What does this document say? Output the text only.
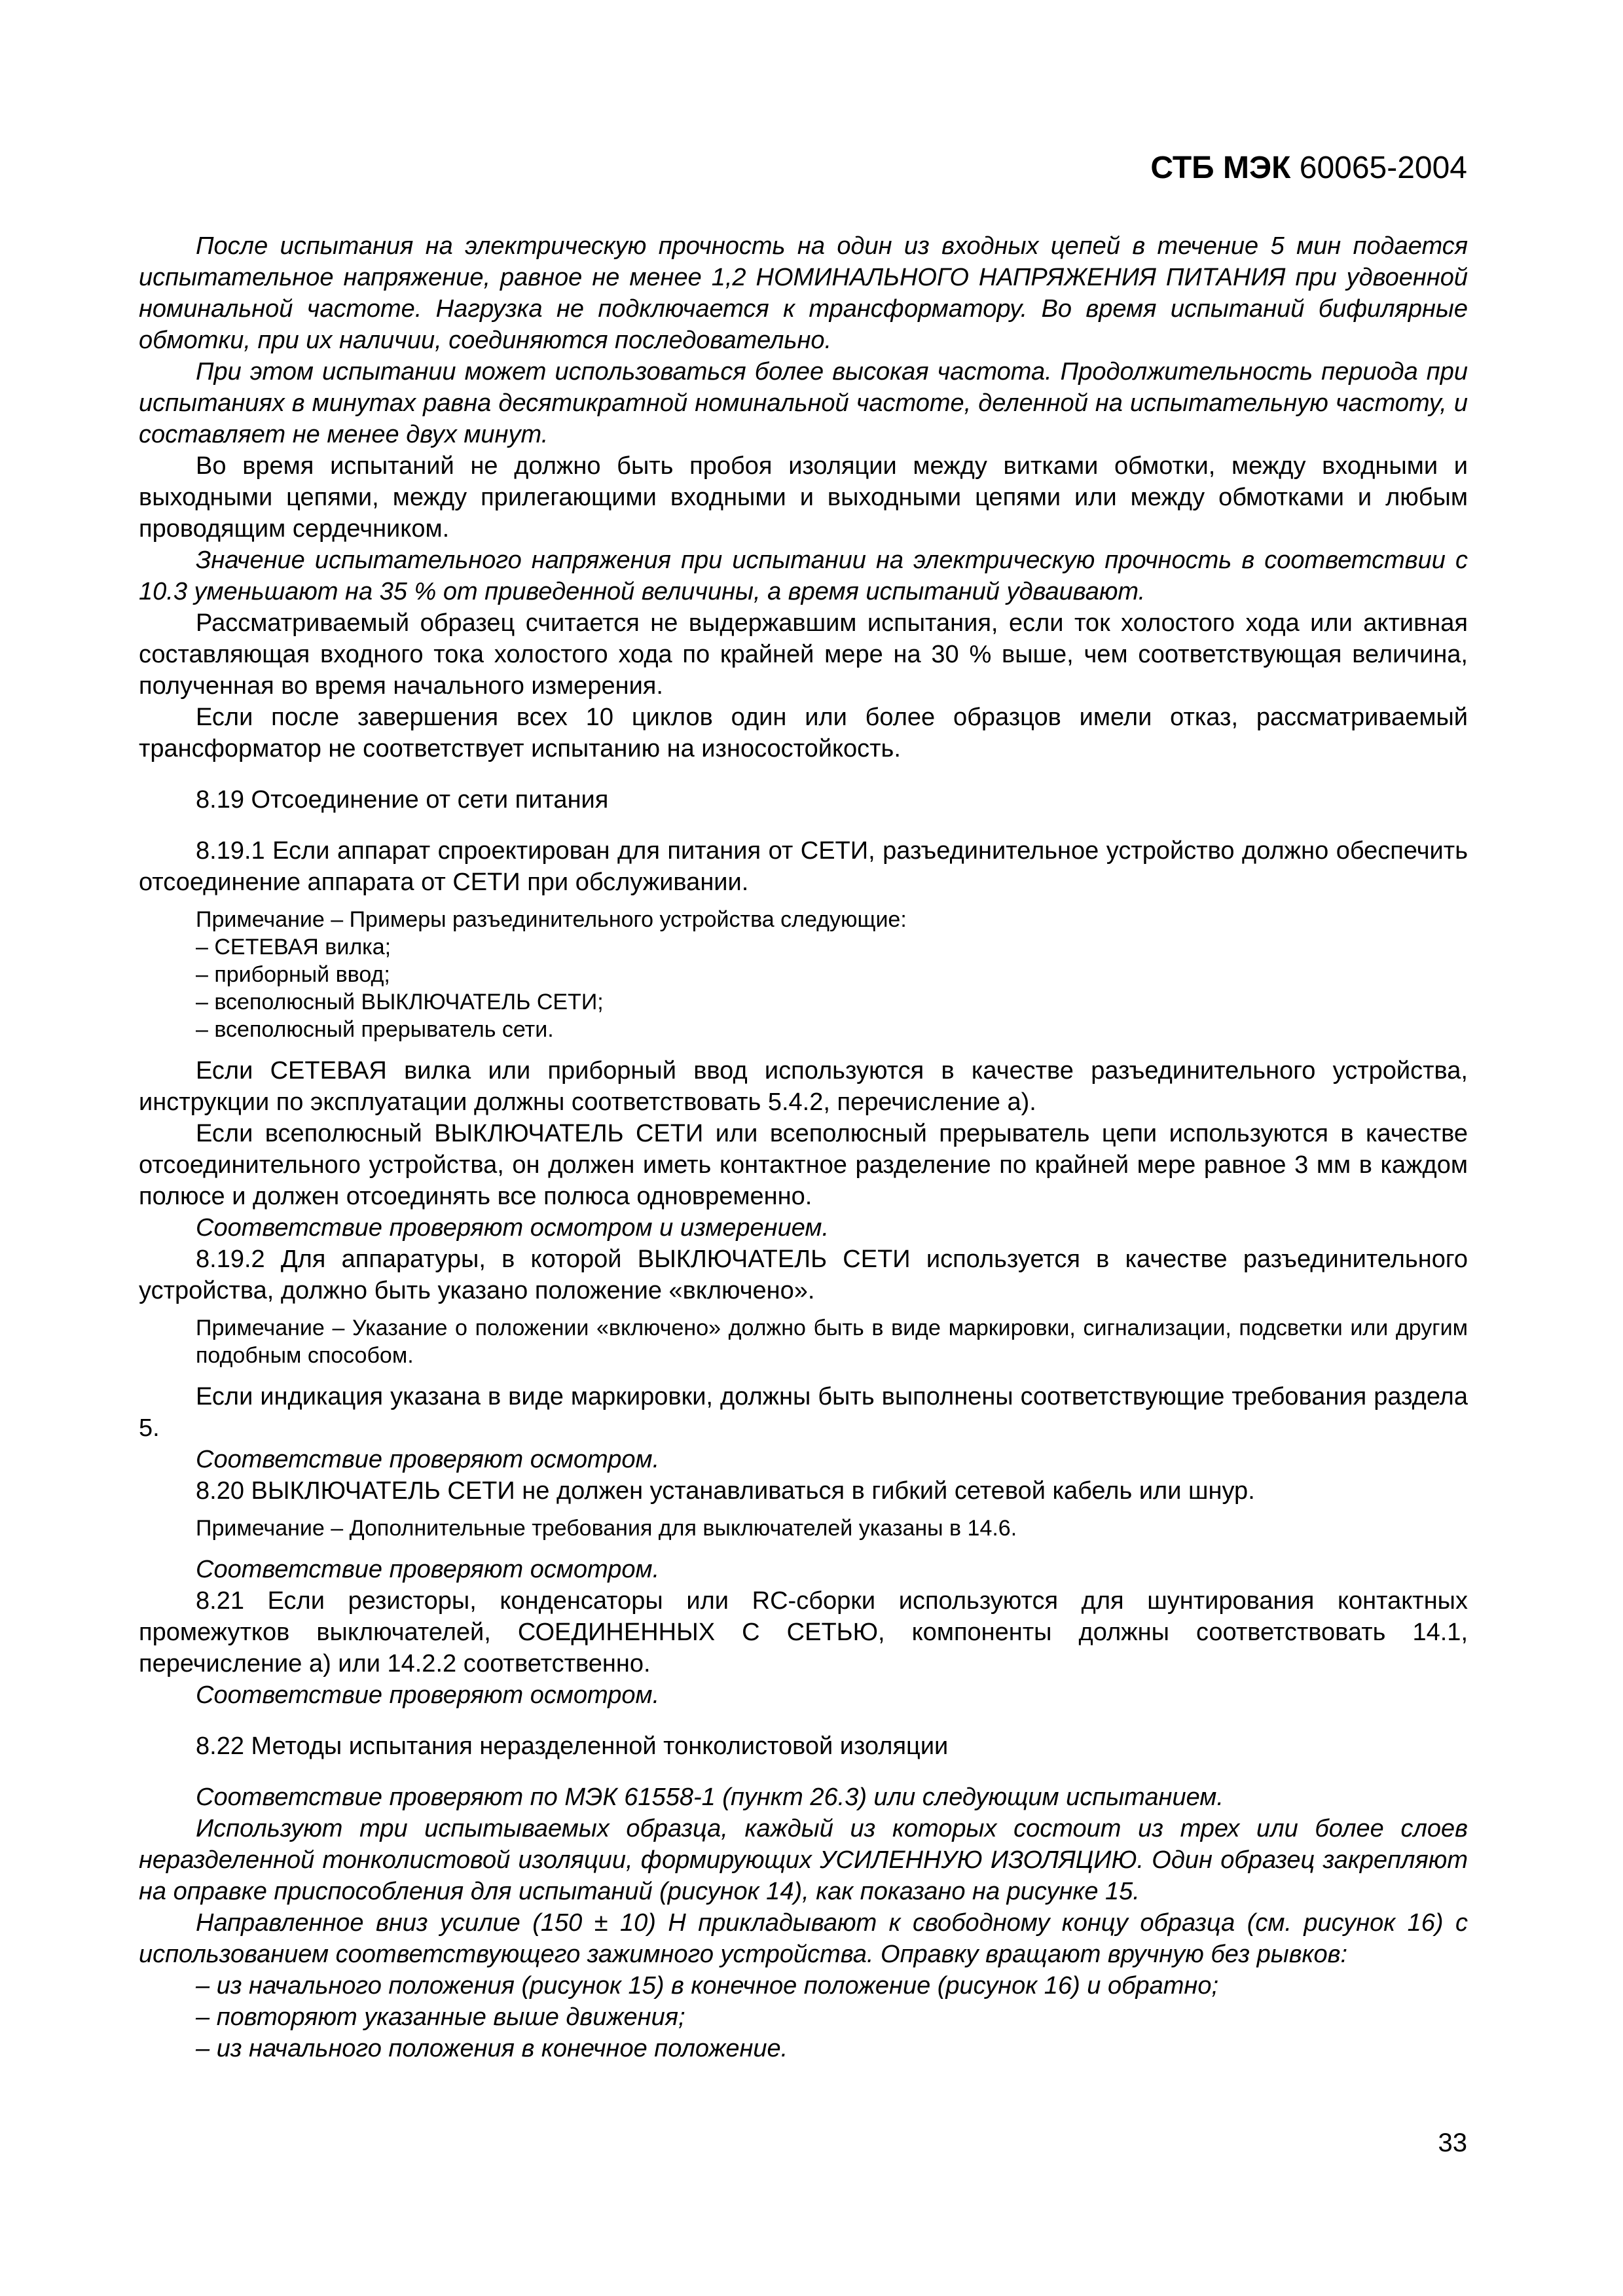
СТБ МЭК 60065-2004

После испытания на электрическую прочность на один из входных цепей в течение 5 мин подается испытательное напряжение, равное не менее 1,2 НОМИНАЛЬНОГО НАПРЯЖЕНИЯ ПИТАНИЯ при удвоенной номинальной частоте. Нагрузка не подключается к трансформатору. Во время испытаний бифилярные обмотки, при их наличии, соединяются последовательно.

При этом испытании может использоваться более высокая частота. Продолжительность периода при испытаниях в минутах равна десятикратной номинальной частоте, деленной на испытательную частоту, и составляет не менее двух минут.

Во время испытаний не должно быть пробоя изоляции между витками обмотки, между входными и выходными цепями, между прилегающими входными и выходными цепями или между обмотками и любым проводящим сердечником.

Значение испытательного напряжения при испытании на электрическую прочность в соответствии с 10.3 уменьшают на 35 % от приведенной величины, а время испытаний удваивают.

Рассматриваемый образец считается не выдержавшим испытания, если ток холостого хода или активная составляющая входного тока холостого хода по крайней мере на 30 % выше, чем соответствующая величина, полученная во время начального измерения.

Если после завершения всех 10 циклов один или более образцов имели отказ, рассматриваемый трансформатор не соответствует испытанию на износостойкость.

8.19 Отсоединение от сети питания

8.19.1 Если аппарат спроектирован для питания от СЕТИ, разъединительное устройство должно обеспечить отсоединение аппарата от СЕТИ при обслуживании.

Примечание – Примеры разъединительного устройства следующие:

– СЕТЕВАЯ вилка;

– приборный ввод;

– всеполюсный ВЫКЛЮЧАТЕЛЬ СЕТИ;

– всеполюсный прерыватель сети.

Если СЕТЕВАЯ вилка или приборный ввод используются в качестве разъединительного устройства, инструкции по эксплуатации должны соответствовать 5.4.2, перечисление а).

Если всеполюсный ВЫКЛЮЧАТЕЛЬ СЕТИ или всеполюсный прерыватель цепи используются в качестве отсоединительного устройства, он должен иметь контактное разделение по крайней мере равное 3 мм в каждом полюсе и должен отсоединять все полюса одновременно.

Соответствие проверяют осмотром и измерением.

8.19.2 Для аппаратуры, в которой ВЫКЛЮЧАТЕЛЬ СЕТИ используется в качестве разъединительного устройства, должно быть указано положение «включено».

Примечание – Указание о положении «включено» должно быть в виде маркировки, сигнализации, подсветки или другим подобным способом.

Если индикация указана в виде маркировки, должны быть выполнены соответствующие требования раздела 5.

Соответствие проверяют осмотром.

8.20 ВЫКЛЮЧАТЕЛЬ СЕТИ не должен устанавливаться в гибкий сетевой кабель или шнур.

Примечание – Дополнительные требования для выключателей указаны в 14.6.

Соответствие проверяют осмотром.

8.21 Если резисторы, конденсаторы или RC-сборки используются для шунтирования контактных промежутков выключателей, СОЕДИНЕННЫХ С СЕТЬЮ, компоненты должны соответствовать 14.1, перечисление а) или 14.2.2 соответственно.

Соответствие проверяют осмотром.

8.22 Методы испытания неразделенной тонколистовой изоляции

Соответствие проверяют по МЭК 61558-1 (пункт 26.3) или следующим испытанием.

Используют три испытываемых образца, каждый из которых состоит из трех или более слоев неразделенной тонколистовой изоляции, формирующих УСИЛЕННУЮ ИЗОЛЯЦИЮ. Один образец закрепляют на оправке приспособления для испытаний (рисунок 14), как показано на рисунке 15.

Направленное вниз усилие (150 ± 10) Н прикладывают к свободному концу образца (см. рисунок 16) с использованием соответствующего зажимного устройства. Оправку вращают вручную без рывков:

– из начального положения (рисунок 15) в конечное положение (рисунок 16) и обратно;

– повторяют указанные выше движения;

– из начального положения в конечное положение.

33
